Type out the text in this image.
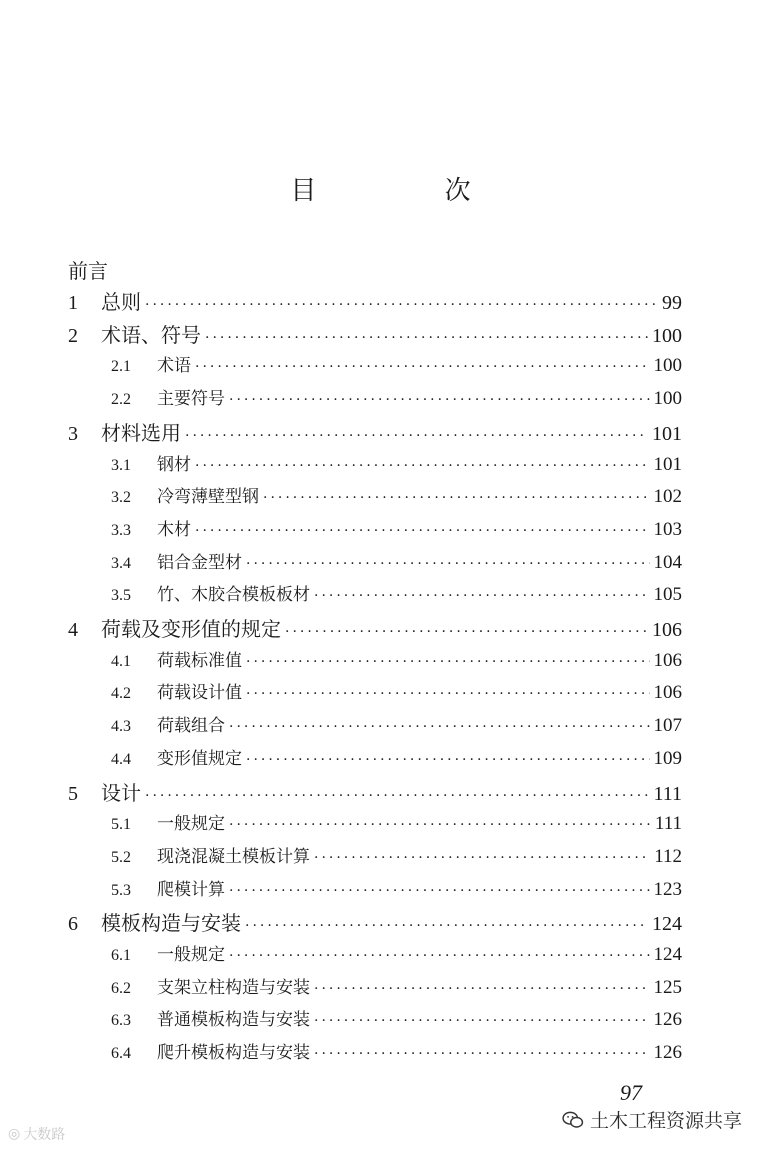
目 次
前言
1	总则 ·····	99
2	术语、符号 ·····	100
2.1	术语 ·····	100
2.2	主要符号 ·····	100
3	材料选用 ·····	101
3.1	钢材 ·····	101
3.2	冷弯薄壁型钢 ·····	102
3.3	木材 ·····	103
3.4	铝合金型材 ·····	104
3.5	竹、木胶合模板板材 ·····	105
4	荷载及变形值的规定 ·····	106
4.1	荷载标准值 ·····	106
4.2	荷载设计值 ·····	106
4.3	荷载组合 ·····	107
4.4	变形值规定 ·····	109
5	设计 ·····	111
5.1	一般规定 ·····	111
5.2	现浇混凝土模板计算 ·····	112
5.3	爬模计算 ·····	123
6	模板构造与安装 ·····	124
6.1	一般规定 ·····	124
6.2	支架立柱构造与安装 ·····	125
6.3	普通模板构造与安装 ·····	126
6.4	爬升模板构造与安装 ·····	126
97
◎ 大数路
土木工程资源共享
